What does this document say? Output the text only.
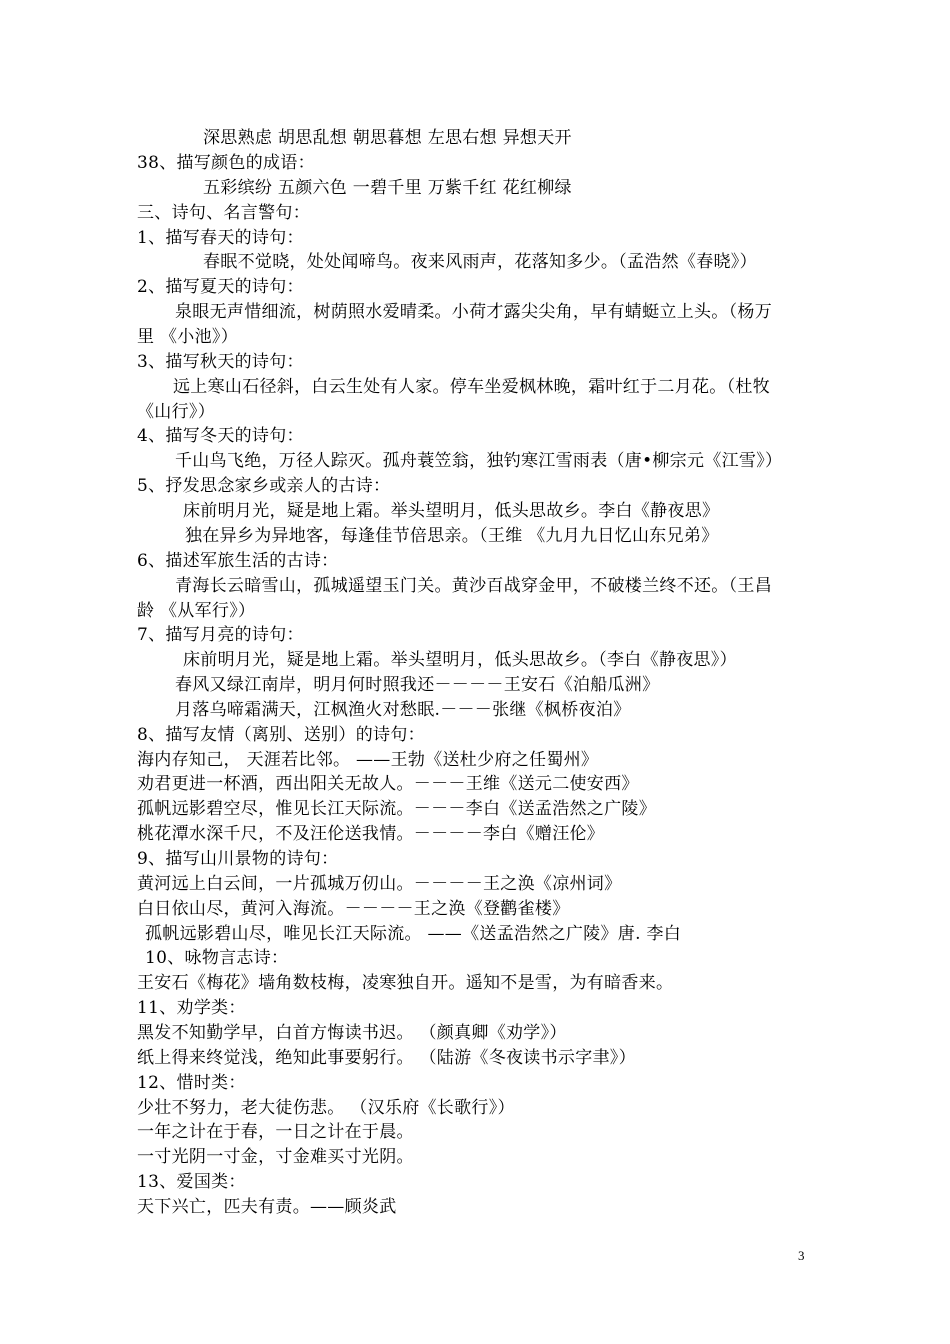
深思熟虑 胡思乱想 朝思暮想 左思右想 异想天开
38、描写颜色的成语：
五彩缤纷 五颜六色 一碧千里 万紫千红 花红柳绿
三、诗句、名言警句：
1、描写春天的诗句：
春眠不觉晓，处处闻啼鸟。夜来风雨声，花落知多少。（孟浩然《春晓》）
2、描写夏天的诗句：
泉眼无声惜细流，树荫照水爱晴柔。小荷才露尖尖角，早有蜻蜓立上头。（杨万
里 《小池》）
3、描写秋天的诗句：
远上寒山石径斜，白云生处有人家。停车坐爱枫林晚，霜叶红于二月花。（杜牧
《山行》）
4、描写冬天的诗句：
千山鸟飞绝，万径人踪灭。孤舟蓑笠翁，独钓寒江雪雨表（唐•柳宗元《江雪》）
5、抒发思念家乡或亲人的古诗：
床前明月光，疑是地上霜。举头望明月，低头思故乡。李白《静夜思》
独在异乡为异地客，每逢佳节倍思亲。（王维 《九月九日忆山东兄弟》
6、描述军旅生活的古诗：
青海长云暗雪山，孤城遥望玉门关。黄沙百战穿金甲，不破楼兰终不还。（王昌
龄 《从军行》）
7、描写月亮的诗句：
床前明月光，疑是地上霜。举头望明月，低头思故乡。（李白《静夜思》）
春风又绿江南岸，明月何时照我还－－－－王安石《泊船瓜洲》
月落乌啼霜满天，江枫渔火对愁眠.－－－张继《枫桥夜泊》
8、描写友情（离别、送别）的诗句：
海内存知己， 天涯若比邻。 ——王勃《送杜少府之任蜀州》
劝君更进一杯酒，西出阳关无故人。－－－王维《送元二使安西》
孤帆远影碧空尽，惟见长江天际流。－－－李白《送孟浩然之广陵》
桃花潭水深千尺，不及汪伦送我情。－－－－李白《赠汪伦》
9、描写山川景物的诗句：
黄河远上白云间，一片孤城万仞山。－－－－王之涣《凉州词》
白日依山尽，黄河入海流。－－－－王之涣《登鹳雀楼》
孤帆远影碧山尽，唯见长江天际流。 ——《送孟浩然之广陵》唐. 李白
10、咏物言志诗：
王安石《梅花》墙角数枝梅，凌寒独自开。遥知不是雪，为有暗香来。
11、劝学类：
黑发不知勤学早，白首方悔读书迟。 （颜真卿《劝学》）
纸上得来终觉浅，绝知此事要躬行。 （陆游《冬夜读书示字聿》）
12、惜时类：
少壮不努力，老大徒伤悲。 （汉乐府《长歌行》）
一年之计在于春，一日之计在于晨。
一寸光阴一寸金，寸金难买寸光阴。
13、爱国类：
天下兴亡，匹夫有责。——顾炎武
3
